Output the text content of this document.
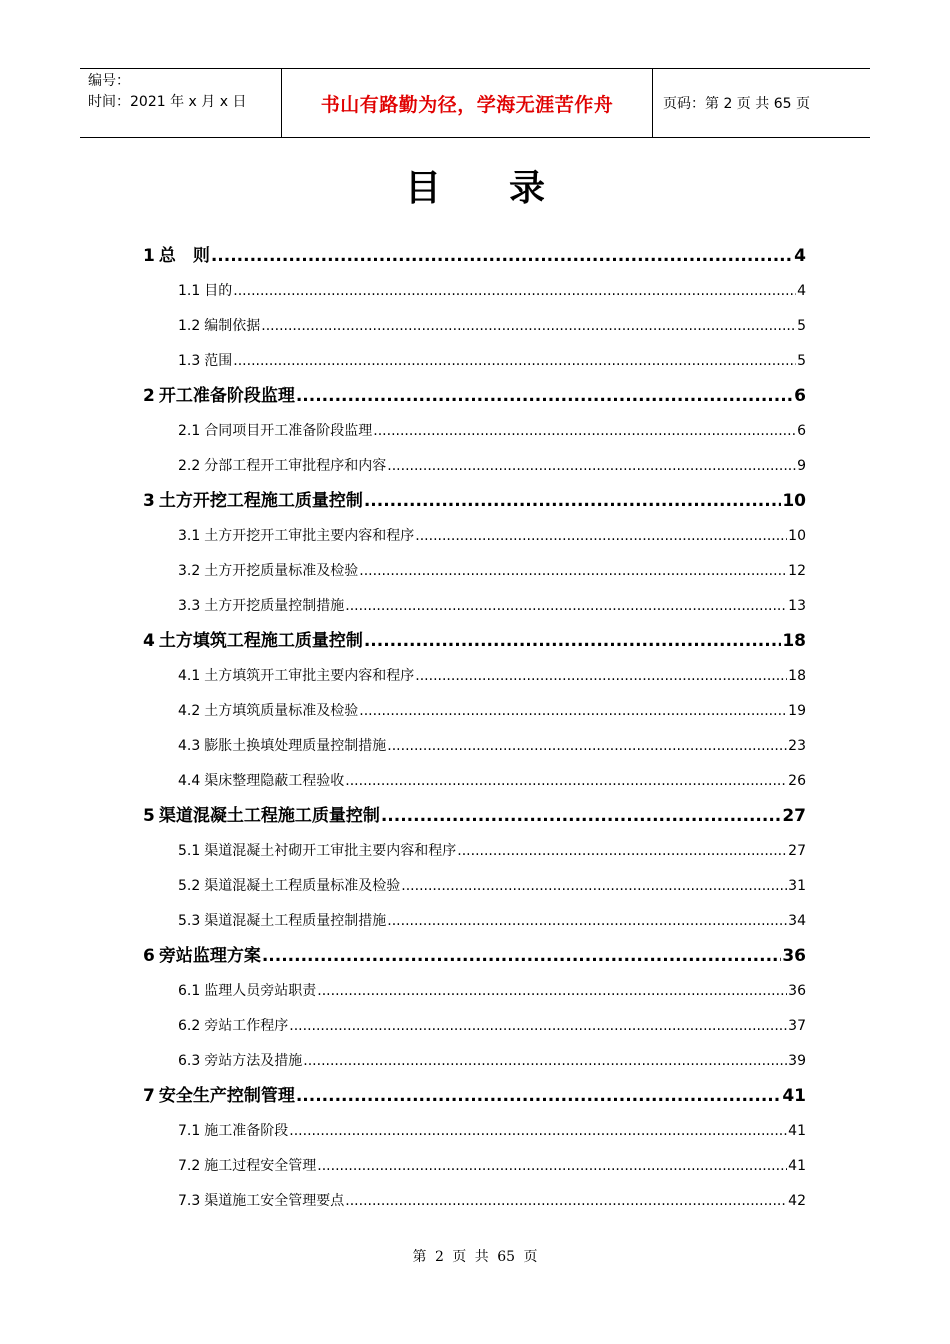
编号：
时间：2021 年 x 月 x 日	书山有路勤为径，学海无涯苦作舟	页码：第 2 页 共 65 页
目 录
1 总　则 .....	4
1.1 目的 .....	4
1.2 编制依据 .....	5
1.3 范围 .....	5
2 开工准备阶段监理 .....	6
2.1 合同项目开工准备阶段监理 .....	6
2.2 分部工程开工审批程序和内容 .....	9
3 土方开挖工程施工质量控制 .....	10
3.1 土方开挖开工审批主要内容和程序 .....	10
3.2 土方开挖质量标准及检验 .....	12
3.3 土方开挖质量控制措施 .....	13
4 土方填筑工程施工质量控制 .....	18
4.1 土方填筑开工审批主要内容和程序 .....	18
4.2 土方填筑质量标准及检验 .....	19
4.3 膨胀土换填处理质量控制措施 .....	23
4.4 渠床整理隐蔽工程验收 .....	26
5 渠道混凝土工程施工质量控制 .....	27
5.1 渠道混凝土衬砌开工审批主要内容和程序 .....	27
5.2 渠道混凝土工程质量标准及检验 .....	31
5.3 渠道混凝土工程质量控制措施 .....	34
6 旁站监理方案 .....	36
6.1 监理人员旁站职责 .....	36
6.2 旁站工作程序 .....	37
6.3 旁站方法及措施 .....	39
7 安全生产控制管理 .....	41
7.1 施工准备阶段 .....	41
7.2 施工过程安全管理 .....	41
7.3 渠道施工安全管理要点 .....	42
第 2 页 共 65 页
